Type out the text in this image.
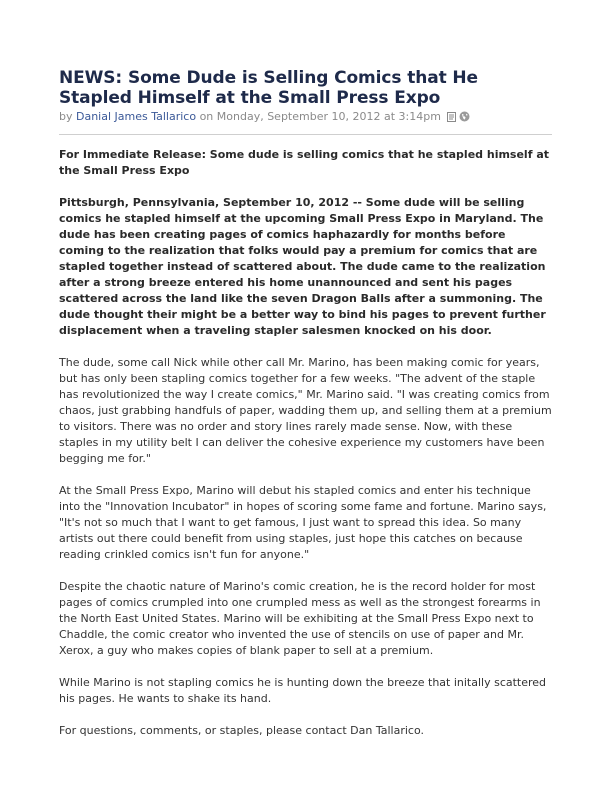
NEWS: Some Dude is Selling Comics that He Stapled Himself at the Small Press Expo
by Danial James Tallarico on Monday, September 10, 2012 at 3:14pm

For Immediate Release: Some dude is selling comics that he stapled himself at the Small Press Expo

Pittsburgh, Pennsylvania, September 10, 2012 -- Some dude will be selling comics he stapled himself at the upcoming Small Press Expo in Maryland. The dude has been creating pages of comics haphazardly for months before coming to the realization that folks would pay a premium for comics that are stapled together instead of scattered about. The dude came to the realization after a strong breeze entered his home unannounced and sent his pages scattered across the land like the seven Dragon Balls after a summoning. The dude thought their might be a better way to bind his pages to prevent further displacement when a traveling stapler salesmen knocked on his door.

The dude, some call Nick while other call Mr. Marino, has been making comic for years, but has only been stapling comics together for a few weeks. "The advent of the staple has revolutionized the way I create comics," Mr. Marino said. "I was creating comics from chaos, just grabbing handfuls of paper, wadding them up, and selling them at a premium to visitors. There was no order and story lines rarely made sense. Now, with these staples in my utility belt I can deliver the cohesive experience my customers have been begging me for."

At the Small Press Expo, Marino will debut his stapled comics and enter his technique into the "Innovation Incubator" in hopes of scoring some fame and fortune. Marino says, "It's not so much that I want to get famous, I just want to spread this idea. So many artists out there could benefit from using staples, just hope this catches on because reading crinkled comics isn't fun for anyone."

Despite the chaotic nature of Marino's comic creation, he is the record holder for most pages of comics crumpled into one crumpled mess as well as the strongest forearms in the North East United States. Marino will be exhibiting at the Small Press Expo next to Chaddle, the comic creator who invented the use of stencils on use of paper and Mr. Xerox, a guy who makes copies of blank paper to sell at a premium.

While Marino is not stapling comics he is hunting down the breeze that initally scattered his pages. He wants to shake its hand.

For questions, comments, or staples, please contact Dan Tallarico.
